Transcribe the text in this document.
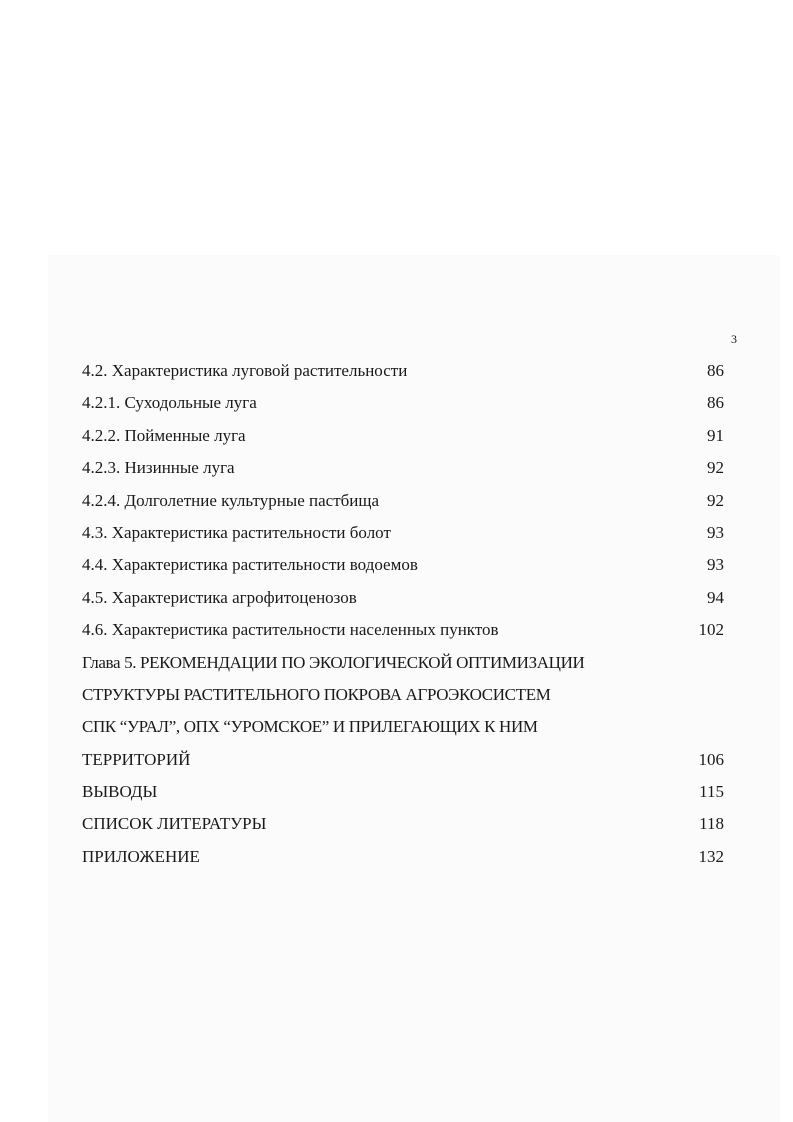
3
4.2. Характеристика луговой растительности	86
4.2.1. Суходольные луга	86
4.2.2. Пойменные луга	91
4.2.3. Низинные луга	92
4.2.4. Долголетние культурные пастбища	92
4.3. Характеристика растительности болот	93
4.4. Характеристика растительности водоемов	93
4.5. Характеристика агрофитоценозов	94
4.6. Характеристика растительности населенных пунктов	102
Глава 5. РЕКОМЕНДАЦИИ ПО ЭКОЛОГИЧЕСКОЙ ОПТИМИЗАЦИИ
СТРУКТУРЫ РАСТИТЕЛЬНОГО ПОКРОВА АГРОЭКОСИСТЕМ
СПК “УРАЛ”, ОПХ “УРОМСКОЕ” И ПРИЛЕГАЮЩИХ К НИМ
ТЕРРИТОРИЙ	106
ВЫВОДЫ	115
СПИСОК ЛИТЕРАТУРЫ	118
ПРИЛОЖЕНИЕ	132
